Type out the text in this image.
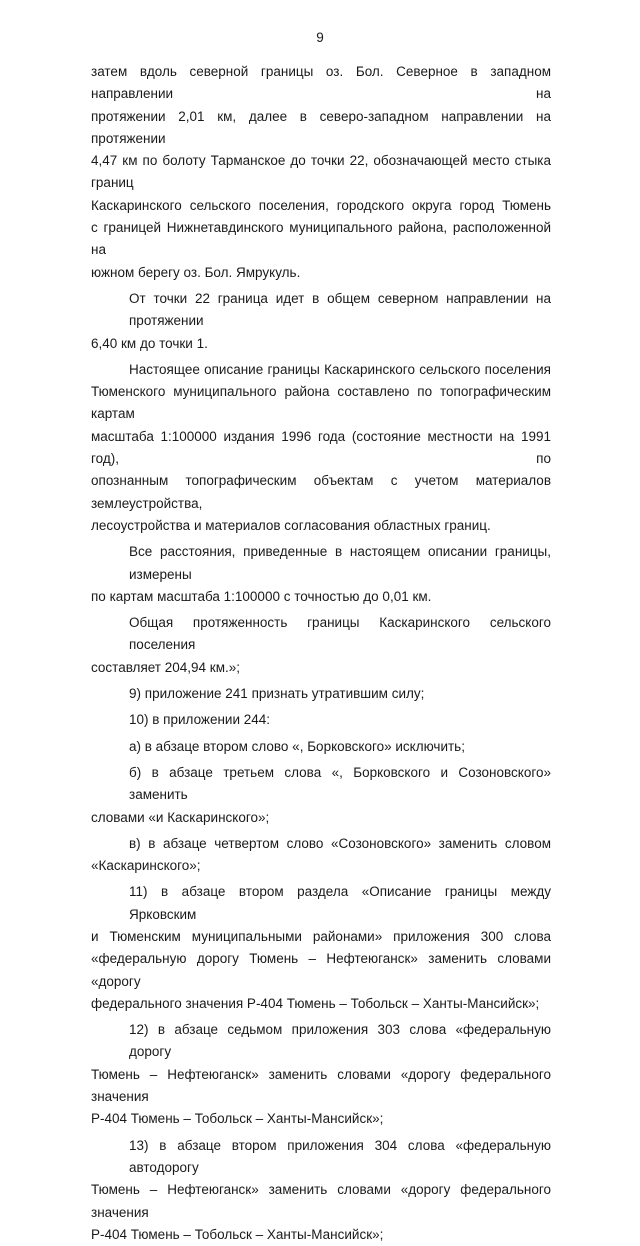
9
затем вдоль северной границы оз. Бол. Северное в западном направлении на
протяжении 2,01 км, далее в северо-западном направлении на протяжении
4,47 км по болоту Тарманское до точки 22, обозначающей место стыка границ
Каскаринского сельского поселения, городского округа город Тюмень
с границей Нижнетавдинского муниципального района, расположенной на
южном берегу оз. Бол. Ямрукуль.
От точки 22 граница идет в общем северном направлении на протяжении
6,40 км до точки 1.
Настоящее описание границы Каскаринского сельского поселения
Тюменского муниципального района составлено по топографическим картам
масштаба 1:100000 издания 1996 года (состояние местности на 1991 год), по
опознанным топографическим объектам с учетом материалов землеустройства,
лесоустройства и материалов согласования областных границ.
Все расстояния, приведенные в настоящем описании границы, измерены
по картам масштаба 1:100000 с точностью до 0,01 км.
Общая протяженность границы Каскаринского сельского поселения
составляет 204,94 км.»;
9) приложение 241 признать утратившим силу;
10) в приложении 244:
а) в абзаце втором слово «, Борковского» исключить;
б) в абзаце третьем слова «, Борковского и Созоновского» заменить
словами «и Каскаринского»;
в) в абзаце четвертом слово «Созоновского» заменить словом
«Каскаринского»;
11) в абзаце втором раздела «Описание границы между Ярковским
и Тюменским муниципальными районами» приложения 300 слова
«федеральную дорогу Тюмень – Нефтеюганск» заменить словами «дорогу
федерального значения Р-404 Тюмень – Тобольск – Ханты-Мансийск»;
12) в абзаце седьмом приложения 303 слова «федеральную дорогу
Тюмень – Нефтеюганск» заменить словами «дорогу федерального значения
Р-404 Тюмень – Тобольск – Ханты-Мансийск»;
13) в абзаце втором приложения 304 слова «федеральную автодорогу
Тюмень – Нефтеюганск» заменить словами «дорогу федерального значения
Р-404 Тюмень – Тобольск – Ханты-Мансийск»;
